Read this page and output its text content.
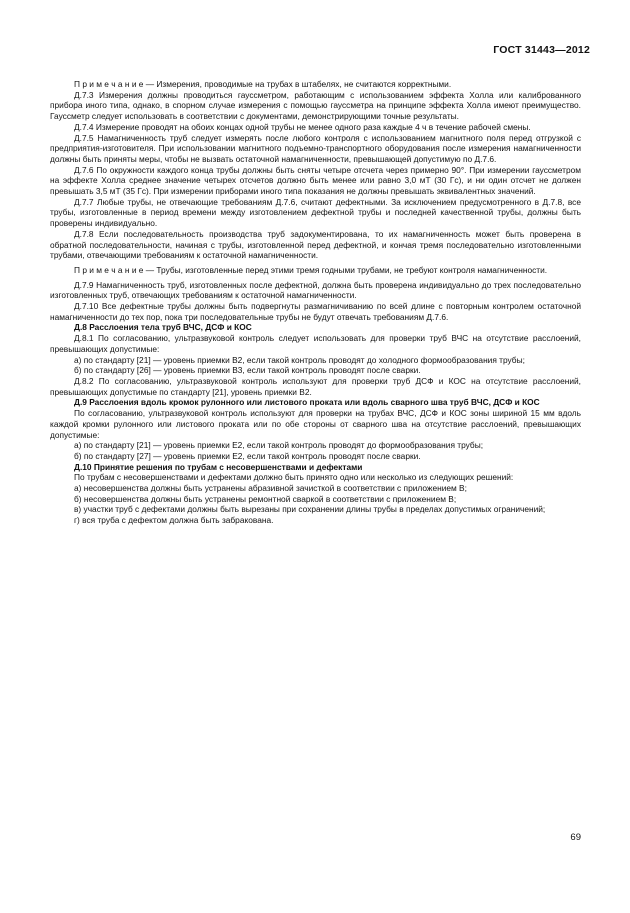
ГОСТ 31443—2012

П р и м е ч а н и е — Измерения, проводимые на трубах в штабелях, не считаются корректными.

Д.7.3 Измерения должны проводиться гауссметром, работающим с использованием эффекта Холла или калиброванного прибора иного типа, однако, в спорном случае измерения с помощью гауссметра на принципе эффекта Холла имеют преимущество. Гауссметр следует использовать в соответствии с документами, демонстрирующими точные результаты.

Д.7.4 Измерение проводят на обоих концах одной трубы не менее одного раза каждые 4 ч в течение рабочей смены.

Д.7.5 Намагниченность труб следует измерять после любого контроля с использованием магнитного поля перед отгрузкой с предприятия-изготовителя. При использовании магнитного подъемно-транспортного оборудования после измерения намагниченности должны быть приняты меры, чтобы не вызвать остаточной намагниченности, превышающей допустимую по Д.7.6.

Д.7.6 По окружности каждого конца трубы должны быть сняты четыре отсчета через примерно 90°. При измерении гауссметром на эффекте Холла среднее значение четырех отсчетов должно быть менее или равно 3,0 мТ (30 Гс), и ни один отсчет не должен превышать 3,5 мТ (35 Гс). При измерении приборами иного типа показания не должны превышать эквивалентных значений.

Д.7.7 Любые трубы, не отвечающие требованиям Д.7.6, считают дефектными. За исключением предусмотренного в Д.7.8, все трубы, изготовленные в период времени между изготовлением дефектной трубы и последней качественной трубы, должны быть проверены индивидуально.

Д.7.8 Если последовательность производства труб задокументирована, то их намагниченность может быть проверена в обратной последовательности, начиная с трубы, изготовленной перед дефектной, и кончая тремя последовательно изготовленными трубами, отвечающими требованиям к остаточной намагниченности.

П р и м е ч а н и е — Трубы, изготовленные перед этими тремя годными трубами, не требуют контроля намагниченности.

Д.7.9 Намагниченность труб, изготовленных после дефектной, должна быть проверена индивидуально до трех последовательно изготовленных труб, отвечающих требованиям к остаточной намагниченности.

Д.7.10 Все дефектные трубы должны быть подвергнуты размагничиванию по всей длине с повторным контролем остаточной намагниченности до тех пор, пока три последовательные трубы не будут отвечать требованиям Д.7.6.

Д.8 Расслоения тела труб ВЧС, ДСФ и КОС

Д.8.1 По согласованию, ультразвуковой контроль следует использовать для проверки труб ВЧС на отсутствие расслоений, превышающих допустимые:

а) по стандарту [21] — уровень приемки В2, если такой контроль проводят до холодного формообразования трубы;

б) по стандарту [26] — уровень приемки В3, если такой контроль проводят после сварки.

Д.8.2 По согласованию, ультразвуковой контроль используют для проверки труб ДСФ и КОС на отсутствие расслоений, превышающих допустимые по стандарту [21], уровень приемки В2.

Д.9 Расслоения вдоль кромок рулонного или листового проката или вдоль сварного шва труб ВЧС, ДСФ и КОС

По согласованию, ультразвуковой контроль используют для проверки на трубах ВЧС, ДСФ и КОС зоны шириной 15 мм вдоль каждой кромки рулонного или листового проката или по обе стороны от сварного шва на отсутствие расслоений, превышающих допустимые:

а) по стандарту [21] — уровень приемки Е2, если такой контроль проводят до формообразования трубы;

б) по стандарту [27] — уровень приемки Е2, если такой контроль проводят после сварки.

Д.10 Принятие решения по трубам с несовершенствами и дефектами

По трубам с несовершенствами и дефектами должно быть принято одно или несколько из следующих решений:

а) несовершенства должны быть устранены абразивной зачисткой в соответствии с приложением В;

б) несовершенства должны быть устранены ремонтной сваркой в соответствии с приложением В;

в) участки труб с дефектами должны быть вырезаны при сохранении длины трубы в пределах допустимых ограничений;

г) вся труба с дефектом должна быть забракована.

69
